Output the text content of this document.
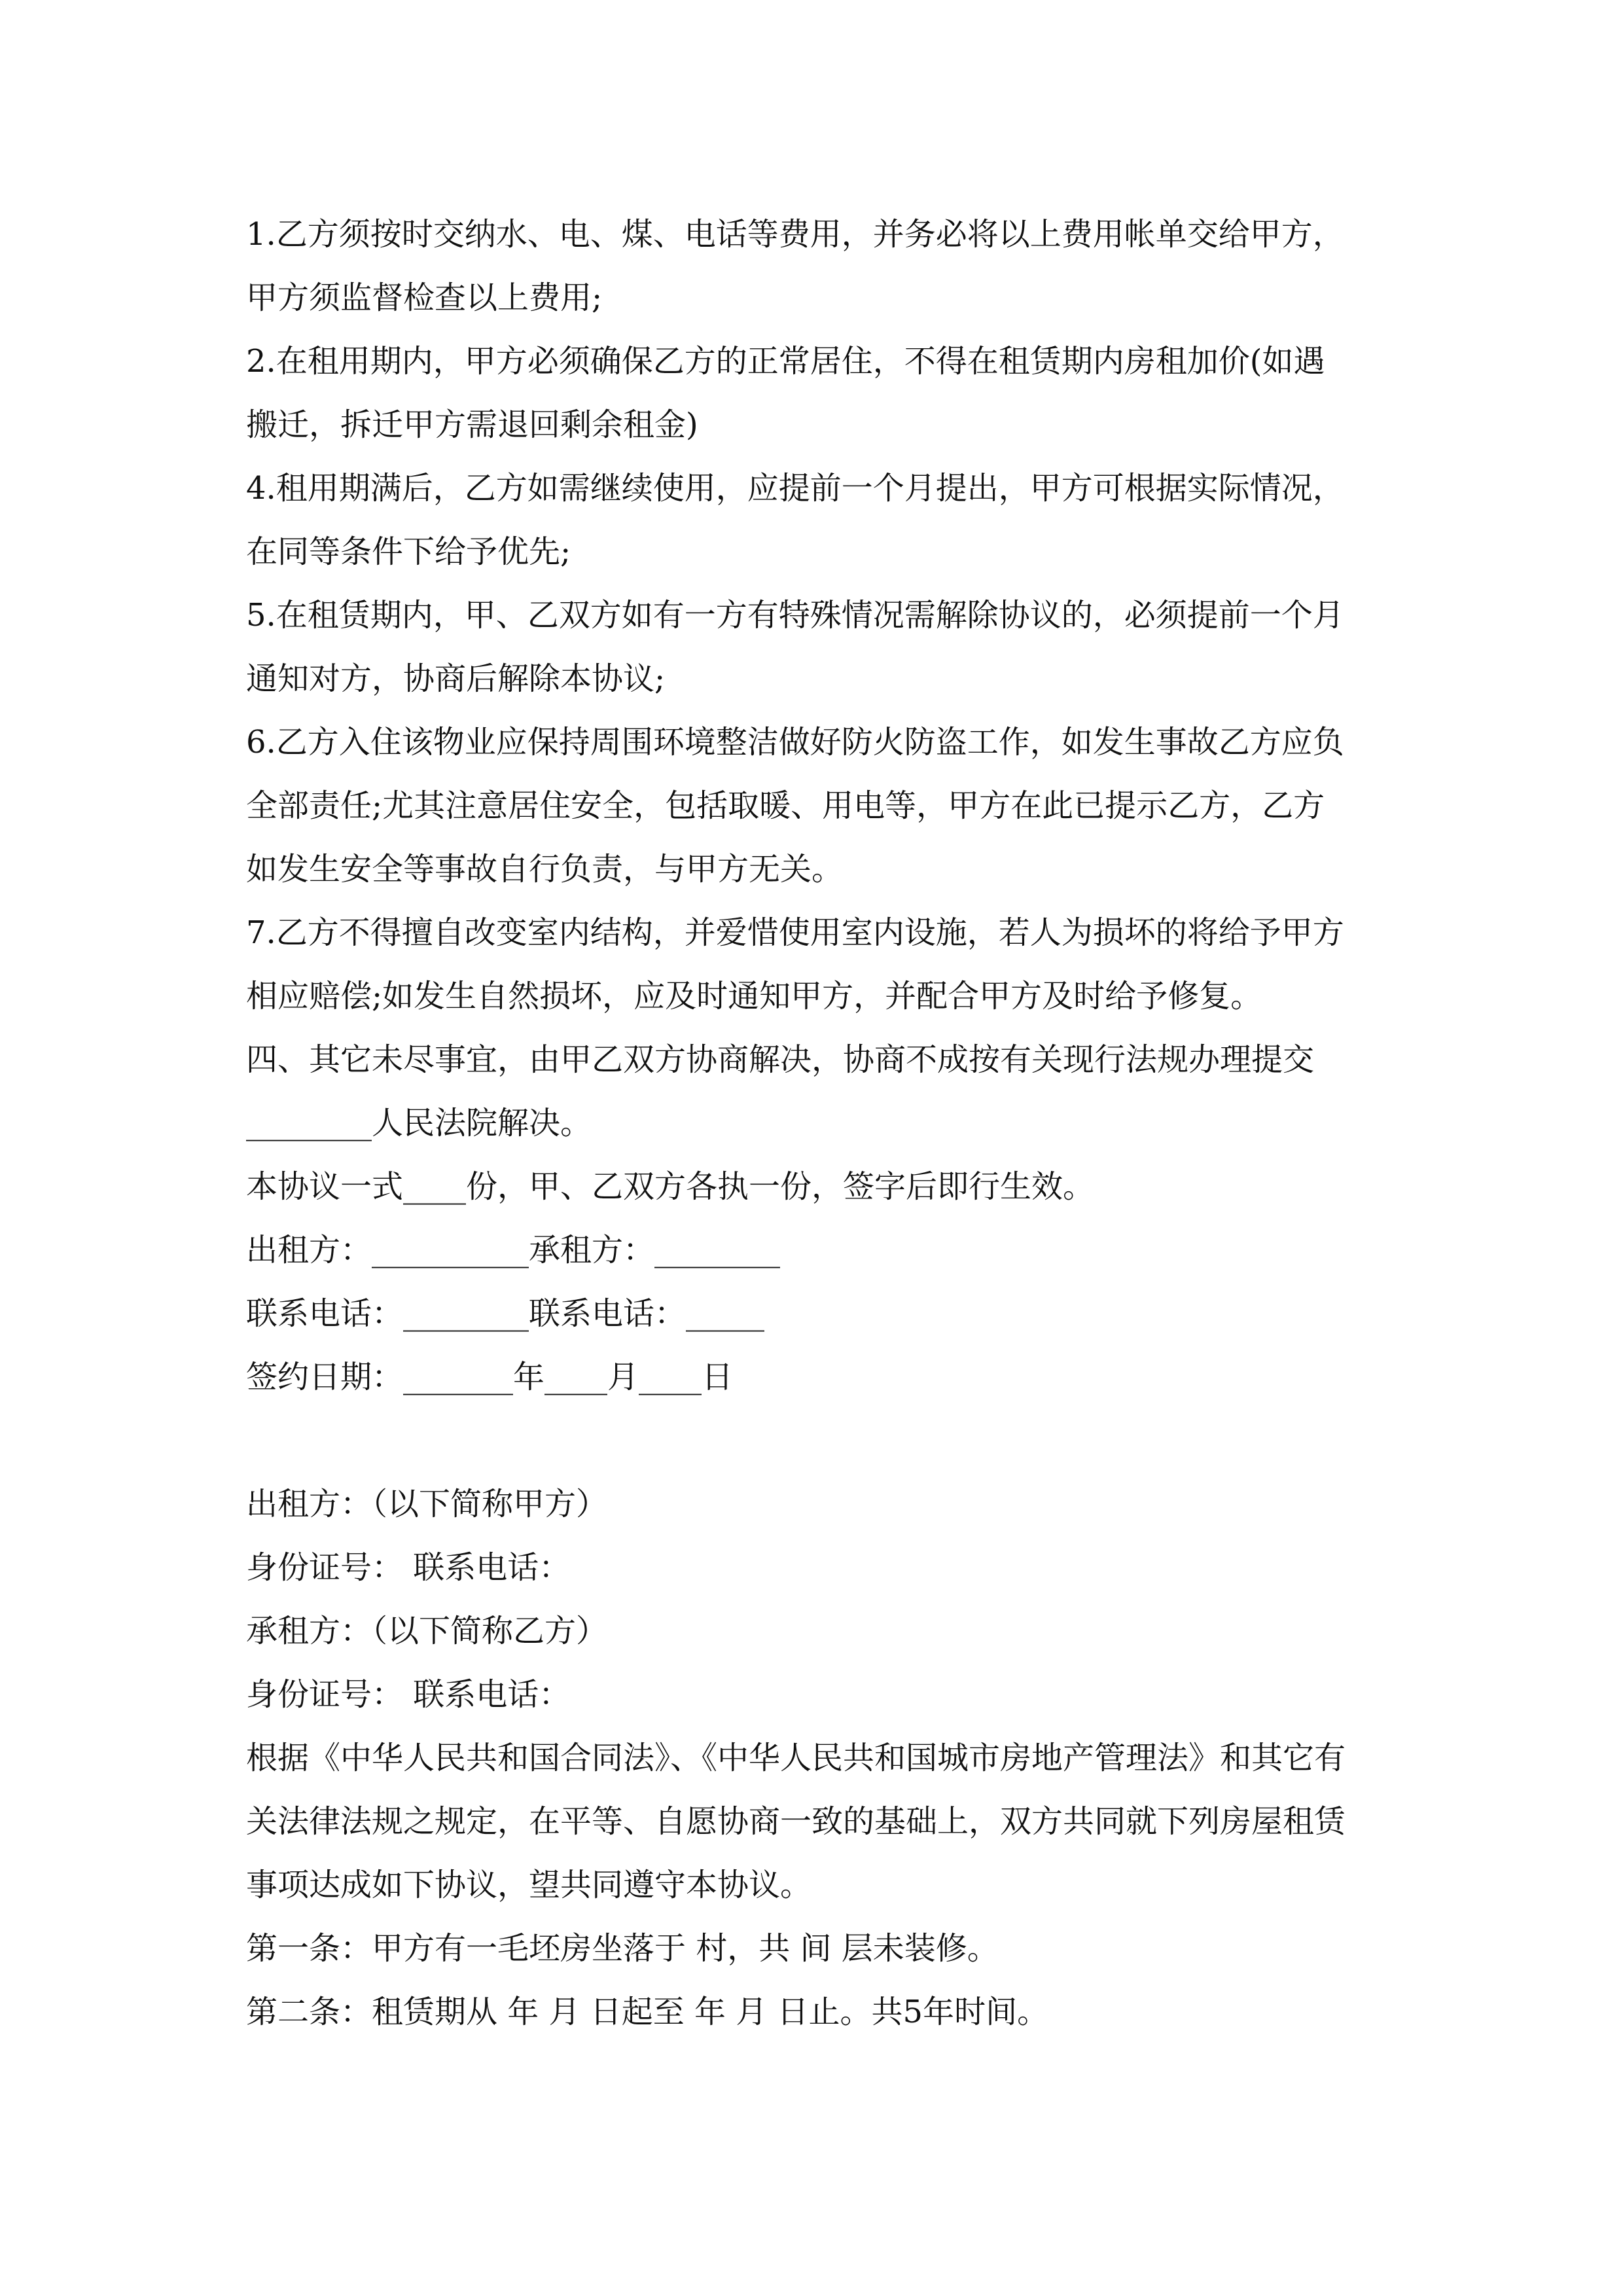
1.乙方须按时交纳水、电、煤、电话等费用，并务必将以上费用帐单交给甲方，
甲方须监督检查以上费用;
2.在租用期内，甲方必须确保乙方的正常居住，不得在租赁期内房租加价(如遇
搬迁，拆迁甲方需退回剩余租金)
4.租用期满后，乙方如需继续使用，应提前一个月提出，甲方可根据实际情况，
在同等条件下给予优先;
5.在租赁期内，甲、乙双方如有一方有特殊情况需解除协议的，必须提前一个月
通知对方，协商后解除本协议;
6.乙方入住该物业应保持周围环境整洁做好防火防盗工作，如发生事故乙方应负
全部责任;尤其注意居住安全，包括取暖、用电等，甲方在此已提示乙方，乙方
如发生安全等事故自行负责，与甲方无关。
7.乙方不得擅自改变室内结构，并爱惜使用室内设施，若人为损坏的将给予甲方
相应赔偿;如发生自然损坏，应及时通知甲方，并配合甲方及时给予修复。
四、其它未尽事宜，由甲乙双方协商解决，协商不成按有关现行法规办理提交
________人民法院解决。
本协议一式____份，甲、乙双方各执一份，签字后即行生效。
出租方：__________承租方：________
联系电话：________联系电话：_____
签约日期：_______年____月____日
出租方：（以下简称甲方）
身份证号： 联系电话：
承租方：（以下简称乙方）
身份证号： 联系电话：
根据《中华人民共和国合同法》、《中华人民共和国城市房地产管理法》和其它有
关法律法规之规定，在平等、自愿协商一致的基础上，双方共同就下列房屋租赁
事项达成如下协议，望共同遵守本协议。
第一条：甲方有一毛坯房坐落于 村，共 间 层未装修。
第二条：租赁期从 年 月 日起至 年 月 日止。共5年时间。
